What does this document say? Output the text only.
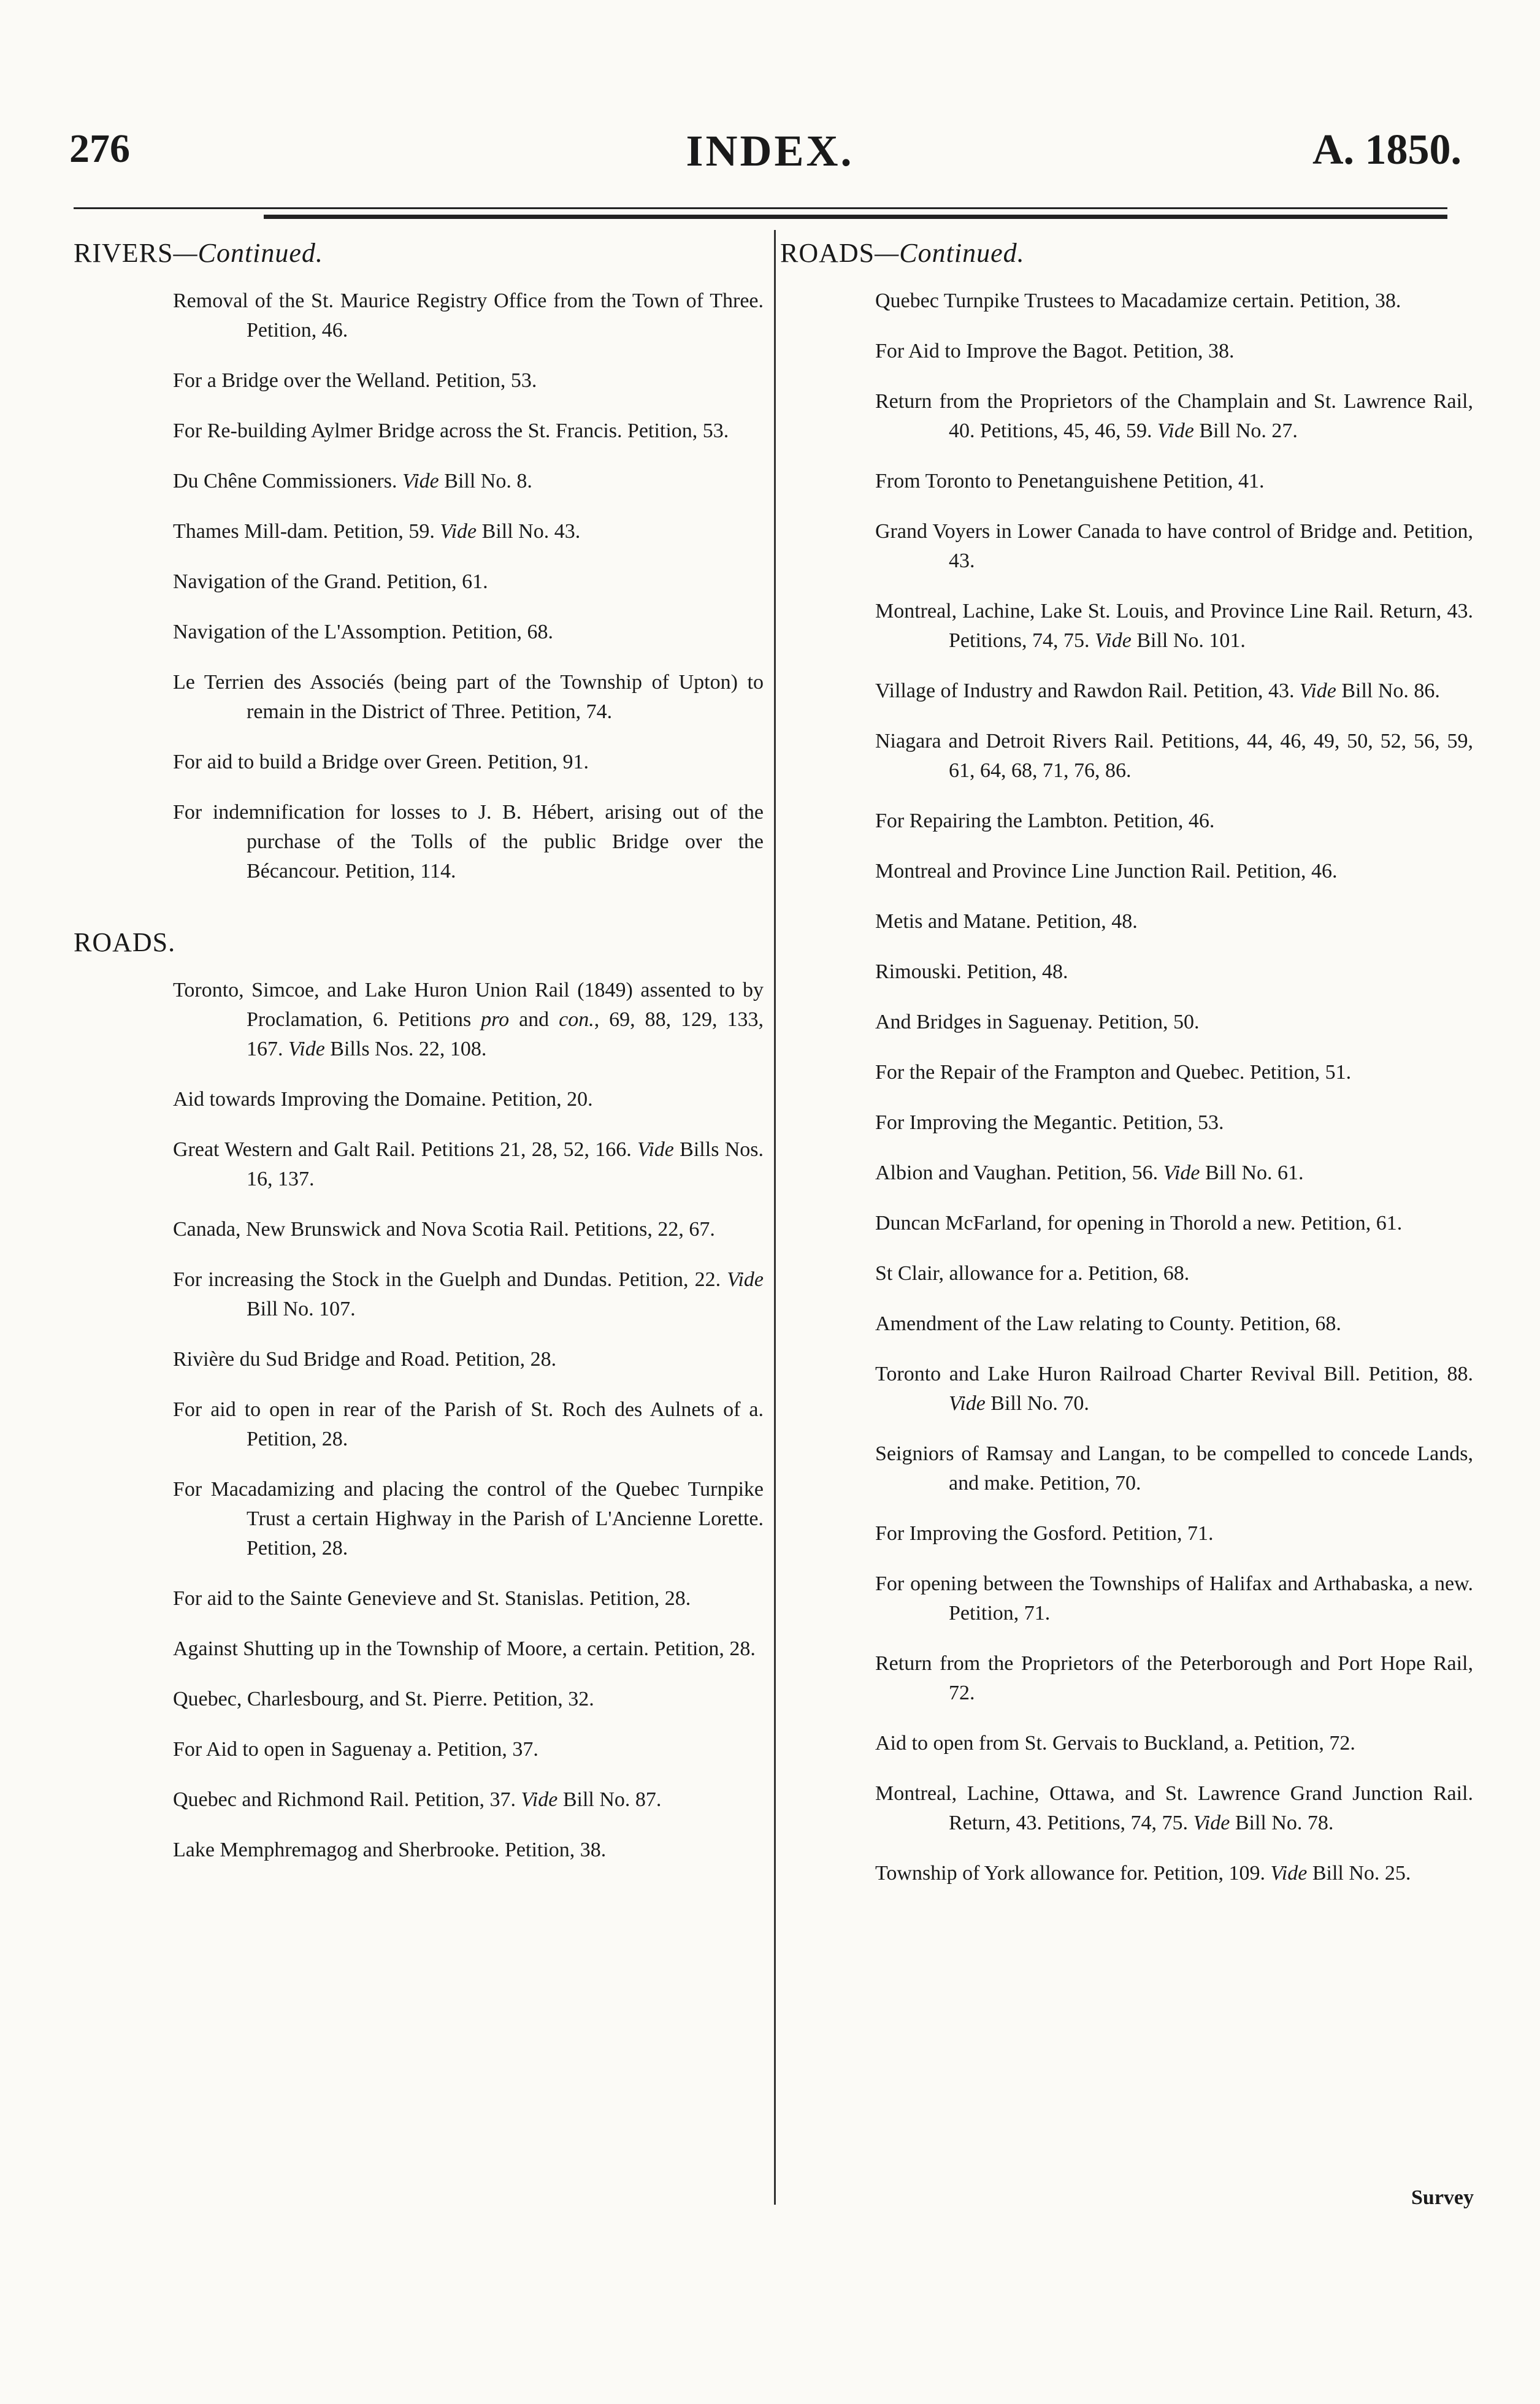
276	INDEX.	A. 1850.
RIVERS—Continued.
Removal of the St. Maurice Registry Office from the Town of Three. Petition, 46.
For a Bridge over the Welland. Petition, 53.
For Re-building Aylmer Bridge across the St. Francis. Petition, 53.
Du Chêne Commissioners. Vide Bill No. 8.
Thames Mill-dam. Petition, 59. Vide Bill No. 43.
Navigation of the Grand. Petition, 61.
Navigation of the L'Assomption. Petition, 68.
Le Terrien des Associés (being part of the Township of Upton) to remain in the District of Three. Petition, 74.
For aid to build a Bridge over Green. Petition, 91.
For indemnification for losses to J. B. Hébert, arising out of the purchase of the Tolls of the public Bridge over the Bécancour. Petition, 114.
ROADS.
Toronto, Simcoe, and Lake Huron Union Rail (1849) assented to by Proclamation, 6. Petitions pro and con., 69, 88, 129, 133, 167. Vide Bills Nos. 22, 108.
Aid towards Improving the Domaine. Petition, 20.
Great Western and Galt Rail. Petitions 21, 28, 52, 166. Vide Bills Nos. 16, 137.
Canada, New Brunswick and Nova Scotia Rail. Petitions, 22, 67.
For increasing the Stock in the Guelph and Dundas. Petition, 22. Vide Bill No. 107.
Rivière du Sud Bridge and Road. Petition, 28.
For aid to open in rear of the Parish of St. Roch des Aulnets of a. Petition, 28.
For Macadamizing and placing the control of the Quebec Turnpike Trust a certain Highway in the Parish of L'Ancienne Lorette. Petition, 28.
For aid to the Sainte Genevieve and St. Stanislas. Petition, 28.
Against Shutting up in the Township of Moore, a certain. Petition, 28.
Quebec, Charlesbourg, and St. Pierre. Petition, 32.
For Aid to open in Saguenay a. Petition, 37.
Quebec and Richmond Rail. Petition, 37. Vide Bill No. 87.
Lake Memphremagog and Sherbrooke. Petition, 38.
ROADS—Continued.
Quebec Turnpike Trustees to Macadamize certain. Petition, 38.
For Aid to Improve the Bagot. Petition, 38.
Return from the Proprietors of the Champlain and St. Lawrence Rail, 40. Petitions, 45, 46, 59. Vide Bill No. 27.
From Toronto to Penetanguishene Petition, 41.
Grand Voyers in Lower Canada to have control of Bridge and. Petition, 43.
Montreal, Lachine, Lake St. Louis, and Province Line Rail. Return, 43. Petitions, 74, 75. Vide Bill No. 101.
Village of Industry and Rawdon Rail. Petition, 43. Vide Bill No. 86.
Niagara and Detroit Rivers Rail. Petitions, 44, 46, 49, 50, 52, 56, 59, 61, 64, 68, 71, 76, 86.
For Repairing the Lambton. Petition, 46.
Montreal and Province Line Junction Rail. Petition, 46.
Metis and Matane. Petition, 48.
Rimouski. Petition, 48.
And Bridges in Saguenay. Petition, 50.
For the Repair of the Frampton and Quebec. Petition, 51.
For Improving the Megantic. Petition, 53.
Albion and Vaughan. Petition, 56. Vide Bill No. 61.
Duncan McFarland, for opening in Thorold a new. Petition, 61.
St Clair, allowance for a. Petition, 68.
Amendment of the Law relating to County. Petition, 68.
Toronto and Lake Huron Railroad Charter Revival Bill. Petition, 88. Vide Bill No. 70.
Seigniors of Ramsay and Langan, to be compelled to concede Lands, and make. Petition, 70.
For Improving the Gosford. Petition, 71.
For opening between the Townships of Halifax and Arthabaska, a new. Petition, 71.
Return from the Proprietors of the Peterborough and Port Hope Rail, 72.
Aid to open from St. Gervais to Buckland, a. Petition, 72.
Montreal, Lachine, Ottawa, and St. Lawrence Grand Junction Rail. Return, 43. Petitions, 74, 75. Vide Bill No. 78.
Township of York allowance for. Petition, 109. Vide Bill No. 25.
Survey
